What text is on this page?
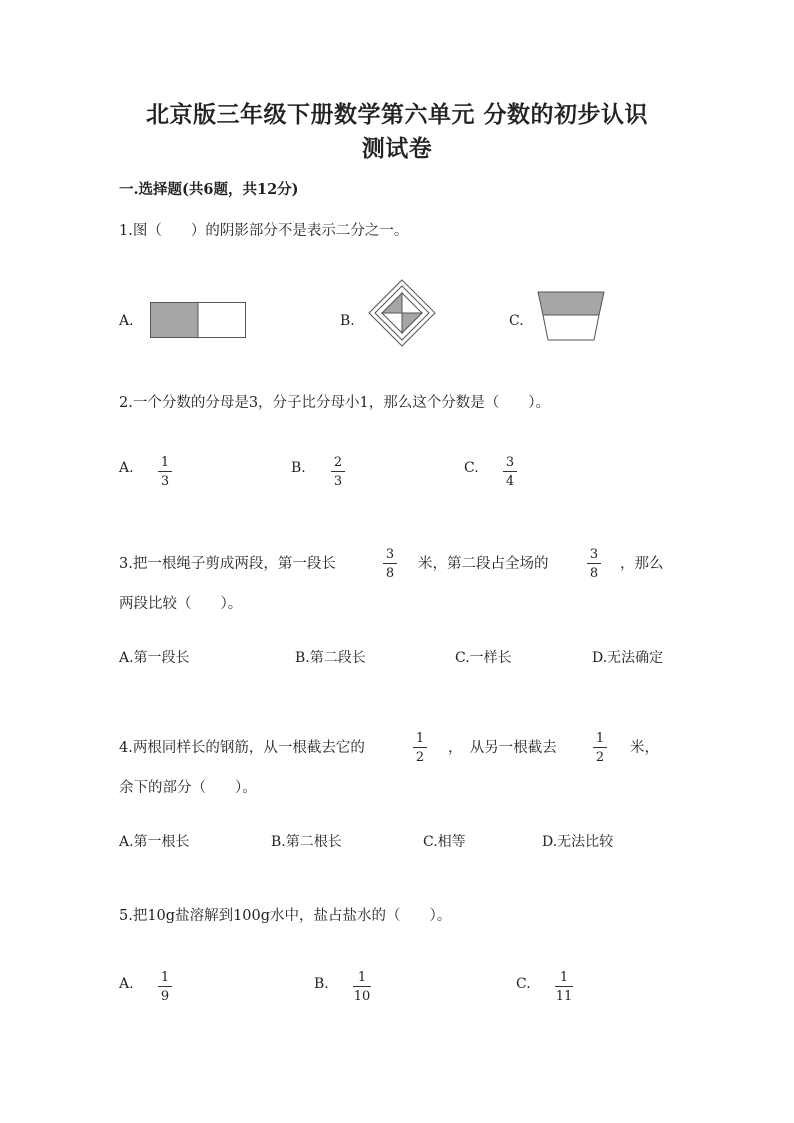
北京版三年级下册数学第六单元 分数的初步认识
测试卷
一.选择题(共6题，共12分)
1.图（　　）的阴影部分不是表示二分之一。
A.	B.	C.
2.一个分数的分母是3，分子比分母小1，那么这个分数是（　　）。
A. 1
3
B. 2
3
C. 3
4
3.把一根绳子剪成两段，第一段长
3
8
米，第二段占全场的
3
8
，那么
两段比较（　　）。
A.第一段长	B.第二段长	C.一样长	D.无法确定
4.两根同样长的钢筋，从一根截去它的
1
2
，　从另一根截去
1
2
米，
余下的部分（　　）。
A.第一根长	B.第二根长	C.相等	D.无法比较
5.把10g盐溶解到100g水中，盐占盐水的（　　）。
A. 1
9
B. 1
10
C. 1
11
